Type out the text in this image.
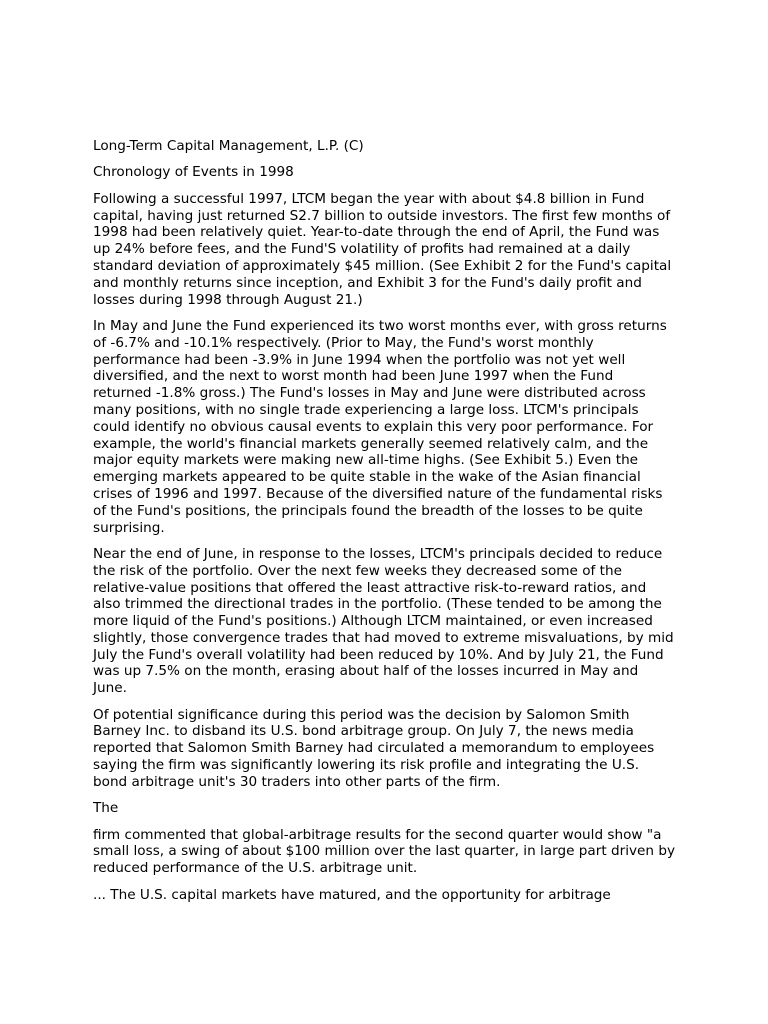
Long-Term Capital Management, L.P. (C)

Chronology of Events in 1998

Following a successful 1997, LTCM began the year with about $4.8 billion in Fund capital, having just returned S2.7 billion to outside investors. The first few months of 1998 had been relatively quiet. Year-to-date through the end of April, the Fund was up 24% before fees, and the Fund'S volatility of profits had remained at a daily standard deviation of approximately $45 million. (See Exhibit 2 for the Fund's capital and monthly returns since inception, and Exhibit 3 for the Fund's daily profit and losses during 1998 through August 21.)

In May and June the Fund experienced its two worst months ever, with gross returns of -6.7% and -10.1% respectively. (Prior to May, the Fund's worst monthly performance had been -3.9% in June 1994 when the portfolio was not yet well diversified, and the next to worst month had been June 1997 when the Fund returned -1.8% gross.) The Fund's losses in May and June were distributed across many positions, with no single trade experiencing a large loss. LTCM's principals could identify no obvious causal events to explain this very poor performance. For example, the world's financial markets generally seemed relatively calm, and the major equity markets were making new all-time highs. (See Exhibit 5.) Even the emerging markets appeared to be quite stable in the wake of the Asian financial crises of 1996 and 1997. Because of the diversified nature of the fundamental risks of the Fund's positions, the principals found the breadth of the losses to be quite surprising.

Near the end of June, in response to the losses, LTCM's principals decided to reduce the risk of the portfolio. Over the next few weeks they decreased some of the relative-value positions that offered the least attractive risk-to-reward ratios, and also trimmed the directional trades in the portfolio. (These tended to be among the more liquid of the Fund's positions.) Although LTCM maintained, or even increased slightly, those convergence trades that had moved to extreme misvaluations, by mid July the Fund's overall volatility had been reduced by 10%. And by July 21, the Fund was up 7.5% on the month, erasing about half of the losses incurred in May and June.

Of potential significance during this period was the decision by Salomon Smith Barney Inc. to disband its U.S. bond arbitrage group. On July 7, the news media reported that Salomon Smith Barney had circulated a memorandum to employees saying the firm was significantly lowering its risk profile and integrating the U.S. bond arbitrage unit's 30 traders into other parts of the firm.

The

firm commented that global-arbitrage results for the second quarter would show "a small loss, a swing of about $100 million over the last quarter, in large part driven by reduced performance of the U.S. arbitrage unit.

... The U.S. capital markets have matured, and the opportunity for arbitrage
